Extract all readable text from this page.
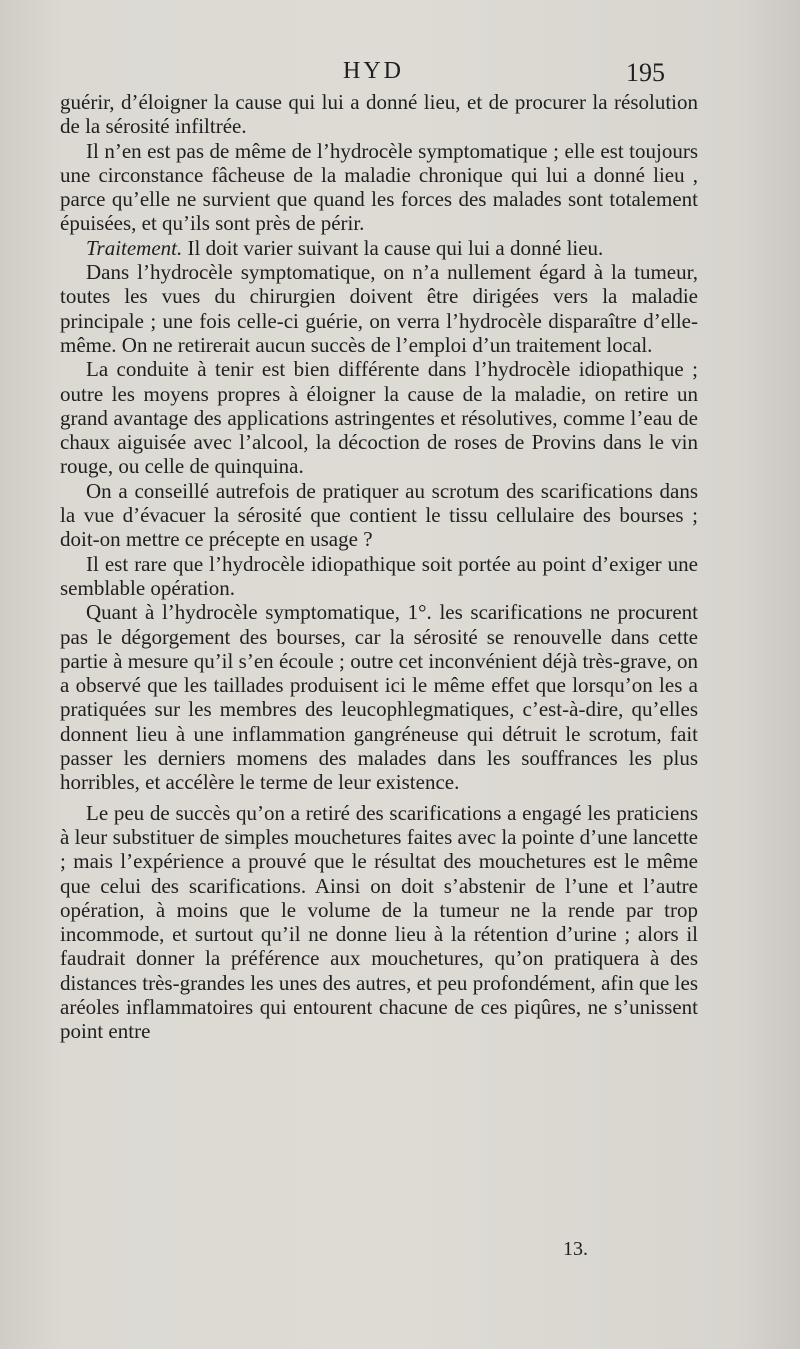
HYD	195

guérir, d’éloigner la cause qui lui a donné lieu, et de procurer la résolution de la sérosité infiltrée.

Il n’en est pas de même de l’hydrocèle symptomatique ; elle est toujours une circonstance fâcheuse de la maladie chronique qui lui a donné lieu , parce qu’elle ne survient que quand les forces des malades sont totalement épuisées, et qu’ils sont près de périr.

Traitement. Il doit varier suivant la cause qui lui a donné lieu.

Dans l’hydrocèle symptomatique, on n’a nullement égard à la tumeur, toutes les vues du chirurgien doivent être dirigées vers la maladie principale ; une fois celle-ci guérie, on verra l’hydrocèle disparaître d’elle-même. On ne retirerait aucun succès de l’emploi d’un traitement local.

La conduite à tenir est bien différente dans l’hydrocèle idiopathique ; outre les moyens propres à éloigner la cause de la maladie, on retire un grand avantage des applications astringentes et résolutives, comme l’eau de chaux aiguisée avec l’alcool, la décoction de roses de Provins dans le vin rouge, ou celle de quinquina.

On a conseillé autrefois de pratiquer au scrotum des scarifications dans la vue d’évacuer la sérosité que contient le tissu cellulaire des bourses ; doit-on mettre ce précepte en usage ?

Il est rare que l’hydrocèle idiopathique soit portée au point d’exiger une semblable opération.

Quant à l’hydrocèle symptomatique, 1°. les scarifications ne procurent pas le dégorgement des bourses, car la sérosité se renouvelle dans cette partie à mesure qu’il s’en écoule ; outre cet inconvénient déjà très-grave, on a observé que les taillades produisent ici le même effet que lorsqu’on les a pratiquées sur les membres des leucophlegmatiques, c’est-à-dire, qu’elles donnent lieu à une inflammation gangréneuse qui détruit le scrotum, fait passer les derniers momens des malades dans les souffrances les plus horribles, et accélère le terme de leur existence.

Le peu de succès qu’on a retiré des scarifications a engagé les praticiens à leur substituer de simples mouchetures faites avec la pointe d’une lancette ; mais l’expérience a prouvé que le résultat des mouchetures est le même que celui des scarifications. Ainsi on doit s’abstenir de l’une et l’autre opération, à moins que le volume de la tumeur ne la rende par trop incommode, et surtout qu’il ne donne lieu à la rétention d’urine ; alors il faudrait donner la préférence aux mouchetures, qu’on pratiquera à des distances très-grandes les unes des autres, et peu profondément, afin que les aréoles inflammatoires qui entourent chacune de ces piqûres, ne s’unissent point entre

13.
